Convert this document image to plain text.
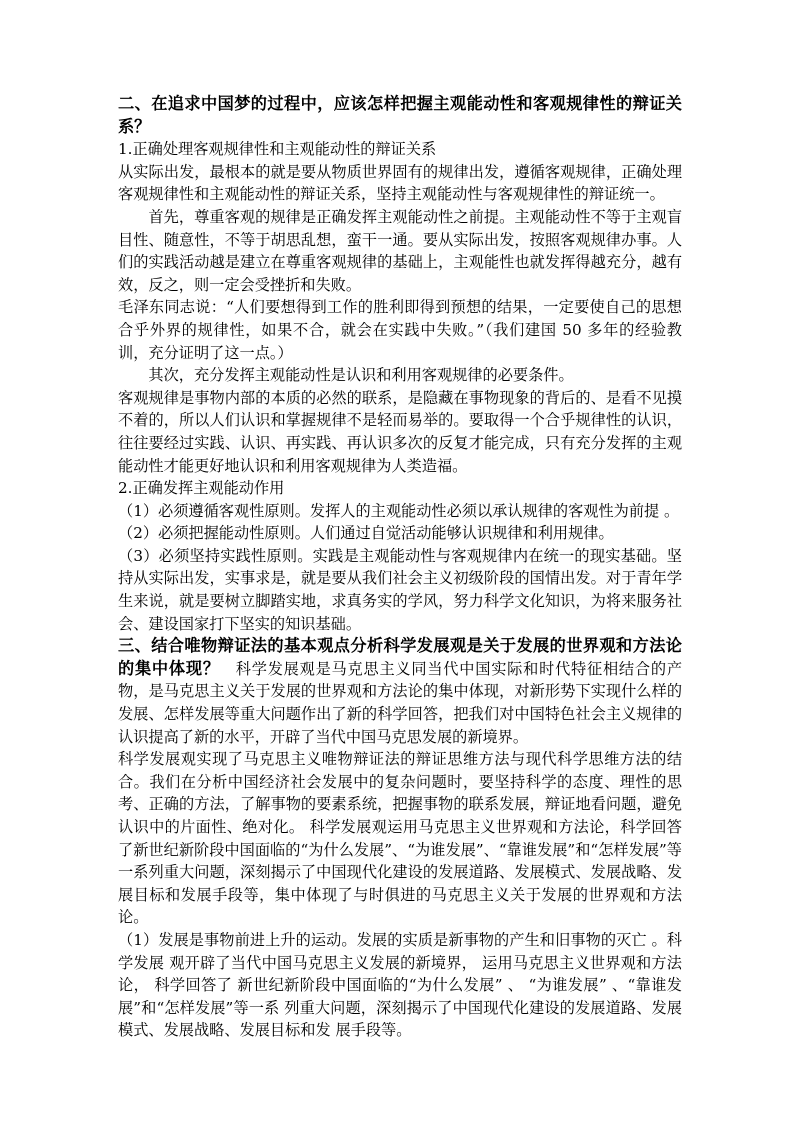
二、在追求中国梦的过程中，应该怎样把握主观能动性和客观规律性的辩证关系？

1.正确处理客观规律性和主观能动性的辩证关系

从实际出发，最根本的就是要从物质世界固有的规律出发，遵循客观规律，正确处理客观规律性和主观能动性的辩证关系，坚持主观能动性与客观规律性的辩证统一。

首先，尊重客观的规律是正确发挥主观能动性之前提。主观能动性不等于主观盲目性、随意性，不等于胡思乱想，蛮干一通。要从实际出发，按照客观规律办事。人们的实践活动越是建立在尊重客观规律的基础上，主观能性也就发挥得越充分，越有效，反之，则一定会受挫折和失败。

毛泽东同志说：“人们要想得到工作的胜利即得到预想的结果，一定要使自己的思想合乎外界的规律性，如果不合，就会在实践中失败。”（我们建国 50 多年的经验教训，充分证明了这一点。）

其次，充分发挥主观能动性是认识和利用客观规律的必要条件。

客观规律是事物内部的本质的必然的联系，是隐藏在事物现象的背后的、是看不见摸不着的，所以人们认识和掌握规律不是轻而易举的。要取得一个合乎规律性的认识，往往要经过实践、认识、再实践、再认识多次的反复才能完成，只有充分发挥的主观能动性才能更好地认识和利用客观规律为人类造福。

2.正确发挥主观能动作用

（1）必须遵循客观性原则。发挥人的主观能动性必须以承认规律的客观性为前提 。

（2）必须把握能动性原则。人们通过自觉活动能够认识规律和利用规律。

（3）必须坚持实践性原则。实践是主观能动性与客观规律内在统一的现实基础。坚持从实际出发，实事求是，就是要从我们社会主义初级阶段的国情出发。对于青年学生来说，就是要树立脚踏实地，求真务实的学风，努力科学文化知识，为将来服务社会、建设国家打下坚实的知识基础。

三、结合唯物辩证法的基本观点分析科学发展观是关于发展的世界观和方法论的集中体现？　 科学发展观是马克思主义同当代中国实际和时代特征相结合的产物，是马克思主义关于发展的世界观和方法论的集中体现，对新形势下实现什么样的发展、怎样发展等重大问题作出了新的科学回答，把我们对中国特色社会主义规律的认识提高了新的水平，开辟了当代中国马克思发展的新境界。

科学发展观实现了马克思主义唯物辩证法的辩证思维方法与现代科学思维方法的结合。我们在分析中国经济社会发展中的复杂问题时，要坚持科学的态度、理性的思考、正确的方法，了解事物的要素系统，把握事物的联系发展，辩证地看问题，避免认识中的片面性、绝对化。 科学发展观运用马克思主义世界观和方法论，科学回答了新世纪新阶段中国面临的“为什么发展”、“为谁发展”、“靠谁发展”和“怎样发展”等一系列重大问题，深刻揭示了中国现代化建设的发展道路、发展模式、发展战略、发展目标和发展手段等，集中体现了与时俱进的马克思主义关于发展的世界观和方法论。

（1）发展是事物前进上升的运动。发展的实质是新事物的产生和旧事物的灭亡 。科学发展 观开辟了当代中国马克思主义发展的新境界， 运用马克思主义世界观和方法论， 科学回答了 新世纪新阶段中国面临的“为什么发展” 、 “为谁发展” 、“靠谁发展”和“怎样发展”等一系 列重大问题，深刻揭示了中国现代化建设的发展道路、发展模式、发展战略、发展目标和发 展手段等。
